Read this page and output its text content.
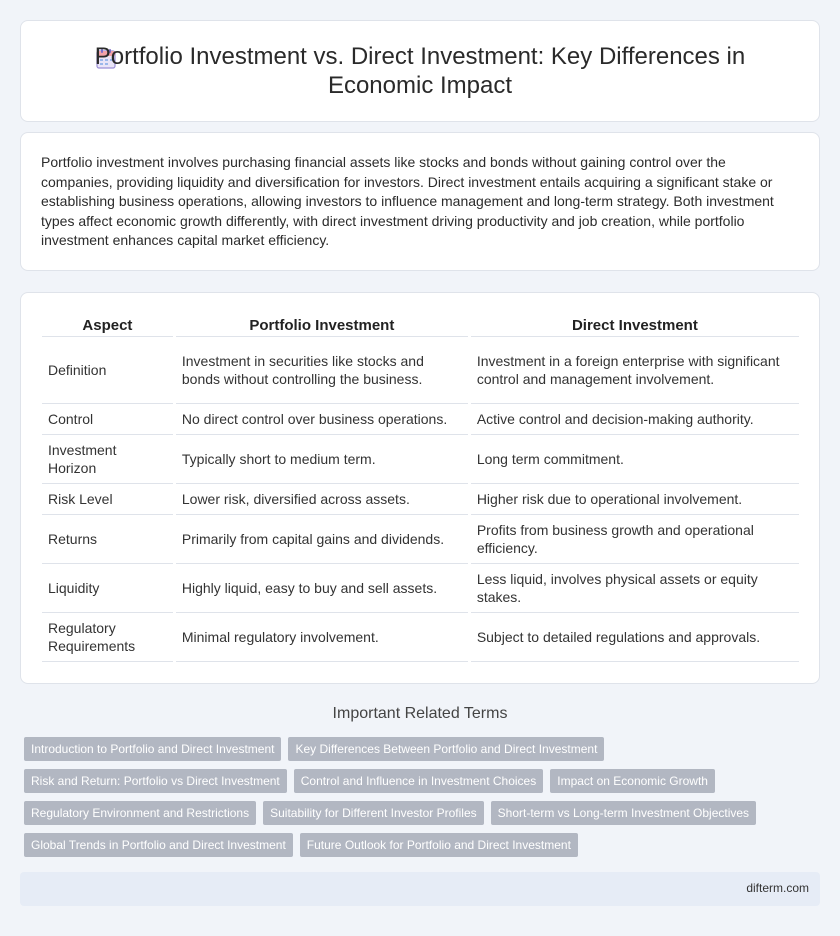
Portfolio Investment vs. Direct Investment: Key Differences in Economic Impact

Portfolio investment involves purchasing financial assets like stocks and bonds without gaining control over the companies, providing liquidity and diversification for investors. Direct investment entails acquiring a significant stake or establishing business operations, allowing investors to influence management and long-term strategy. Both investment types affect economic growth differently, with direct investment driving productivity and job creation, while portfolio investment enhances capital market efficiency.

Aspect		Portfolio Investment		Direct Investment
Definition		Investment in securities like stocks and bonds without controlling the business.		Investment in a foreign enterprise with significant control and management involvement.
Control		No direct control over business operations.		Active control and decision-making authority.
Investment Horizon		Typically short to medium term.		Long term commitment.
Risk Level		Lower risk, diversified across assets.		Higher risk due to operational involvement.
Returns		Primarily from capital gains and dividends.		Profits from business growth and operational efficiency.
Liquidity		Highly liquid, easy to buy and sell assets.		Less liquid, involves physical assets or equity stakes.
Regulatory Requirements		Minimal regulatory involvement.		Subject to detailed regulations and approvals.
Important Related Terms
Introduction to Portfolio and Direct Investment	Key Differences Between Portfolio and Direct Investment
Risk and Return: Portfolio vs Direct Investment	Control and Influence in Investment Choices	Impact on Economic Growth
Regulatory Environment and Restrictions	Suitability for Different Investor Profiles	Short-term vs Long-term Investment Objectives
Global Trends in Portfolio and Direct Investment	Future Outlook for Portfolio and Direct Investment
difterm.com
